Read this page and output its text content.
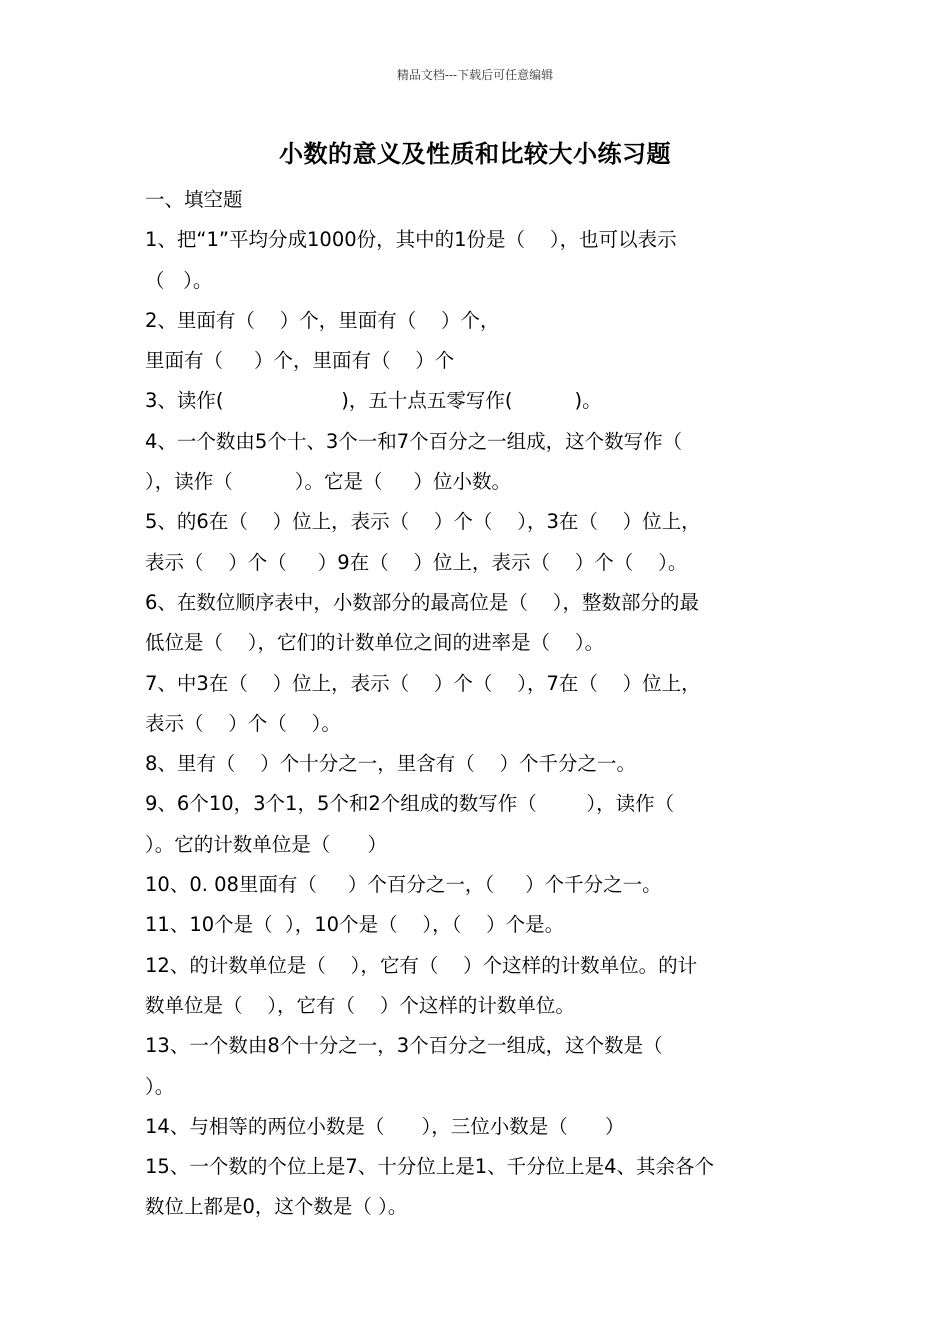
精品文档---下载后可任意编辑
小数的意义及性质和比较大小练习题
一、填空题
1、把“1”平均分成1000份，其中的1份是（    ），也可以表示
（   ）。
2、里面有（    ）个，里面有（    ）个，
里面有（     ）个，里面有（    ）个
3、读作(                   )，五十点五零写作(          )。
4、一个数由5个十、3个一和7个百分之一组成，这个数写作（
），读作（          ）。它是（     ）位小数。
5、的6在（    ）位上，表示（    ）个（    ），3在（    ）位上，
表示（    ）个（     ）9在（    ）位上，表示（    ）个（    ）。
6、在数位顺序表中，小数部分的最高位是（    ），整数部分的最
低位是（    ），它们的计数单位之间的进率是（    ）。
7、中3在（    ）位上，表示（    ）个（    ），7在（    ）位上，
表示（    ）个（    ）。
8、里有（    ）个十分之一，里含有（    ）个千分之一。
9、6个10，3个1，5个和2个组成的数写作（        ），读作（
）。它的计数单位是（      ）
10、0. 08里面有（     ）个百分之一，（     ）个千分之一。
11、10个是（  ），10个是（    ），（    ）个是。
12、的计数单位是（    ），它有（    ）个这样的计数单位。的计
数单位是（    ），它有（    ）个这样的计数单位。
13、一个数由8个十分之一，3个百分之一组成，这个数是（
）。
14、与相等的两位小数是（      ），三位小数是（      ）
15、一个数的个位上是7、十分位上是1、千分位上是4、其余各个
数位上都是0，这个数是（ ）。
